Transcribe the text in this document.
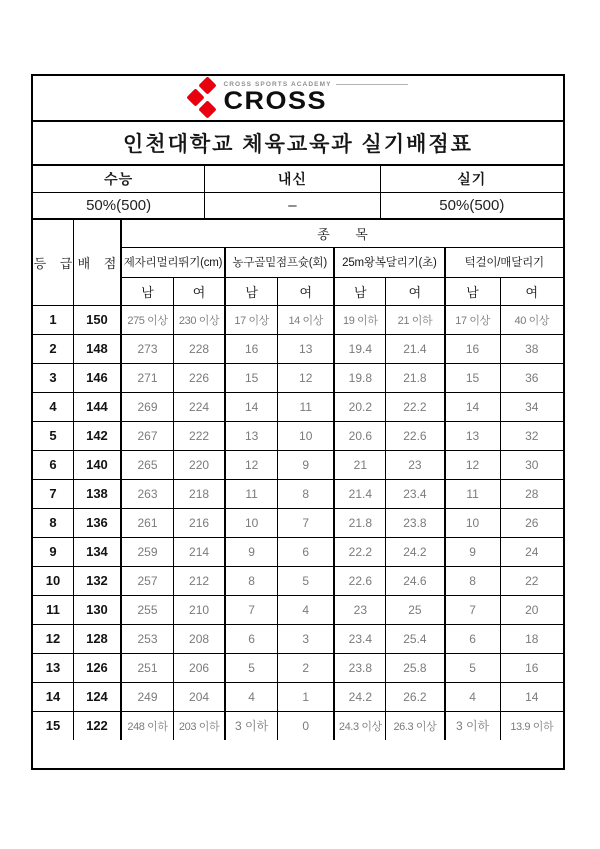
CROSS SPORTS ACADEMY
CROSS
인천대학교 체육교육과 실기배점표
수능	내신	실기
50%(500)	–	50%(500)
등 급	배 점	종 목							
		제자리멀리뛰기(cm)		농구골밑점프슛(회)		25m왕복달리기(초)		턱걸이/매달리기	
		남	여	남	여	남	여	남	여
1	150	275 이상	230 이상	17 이상	14 이상	19 이하	21 이하	17 이상	40 이상
2	148	273	228	16	13	19.4	21.4	16	38
3	146	271	226	15	12	19.8	21.8	15	36
4	144	269	224	14	11	20.2	22.2	14	34
5	142	267	222	13	10	20.6	22.6	13	32
6	140	265	220	12	9	21	23	12	30
7	138	263	218	11	8	21.4	23.4	11	28
8	136	261	216	10	7	21.8	23.8	10	26
9	134	259	214	9	6	22.2	24.2	9	24
10	132	257	212	8	5	22.6	24.6	8	22
11	130	255	210	7	4	23	25	7	20
12	128	253	208	6	3	23.4	25.4	6	18
13	126	251	206	5	2	23.8	25.8	5	16
14	124	249	204	4	1	24.2	26.2	4	14
15	122	248 이하	203 이하	3 이하	0	24.3 이상	26.3 이상	3 이하	13.9 이하
